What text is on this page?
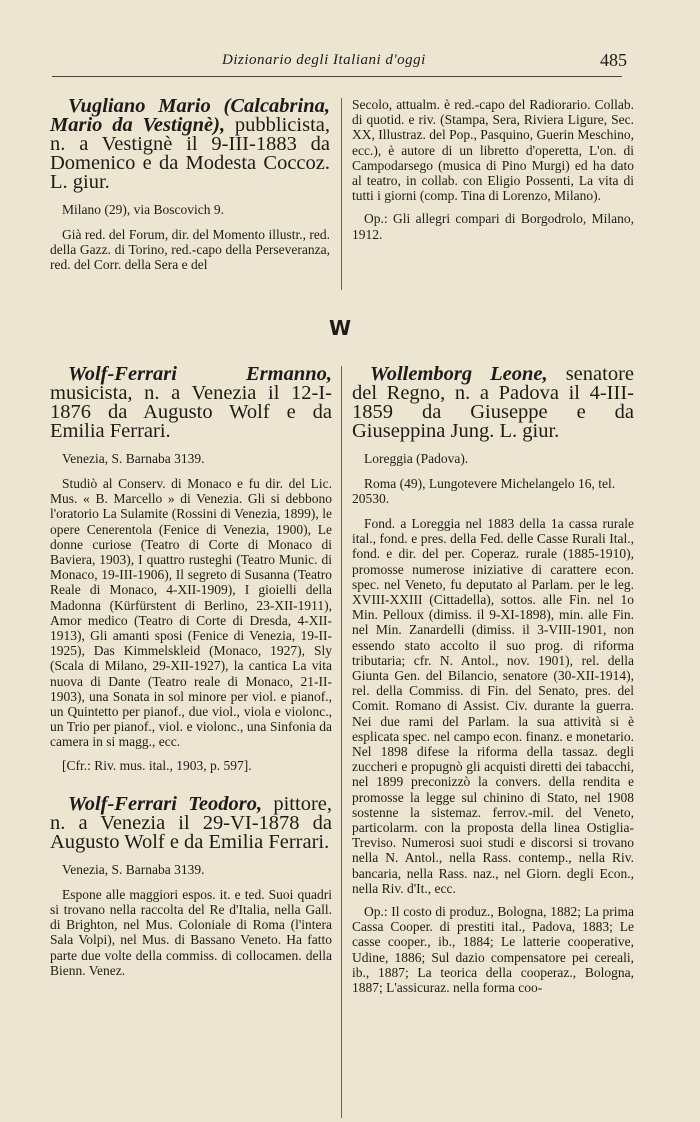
Dizionario degli Italiani d'oggi	485

Vugliano Mario (Calcabrina, Mario da Vestignè), pubblicista, n. a Vestignè il 9-III-1883 da Domenico e da Modesta Coccoz. L. giur.

Milano (29), via Boscovich 9.

Già red. del Forum, dir. del Momento illustr., red. della Gazz. di Torino, red.-capo della Perseveranza, red. del Corr. della Sera e del

Secolo, attualm. è red.-capo del Radiorario. Collab. di quotid. e riv. (Stampa, Sera, Riviera Ligure, Sec. XX, Illustraz. del Pop., Pasquino, Guerin Meschino, ecc.), è autore di un libretto d'operetta, L'on. di Campodarsego (musica di Pino Murgi) ed ha dato al teatro, in collab. con Eligio Possenti, La vita di tutti i giorni (comp. Tina di Lorenzo, Milano).

Op.: Gli allegri compari di Borgodrolo, Milano, 1912.

W

Wolf-Ferrari Ermanno, musicista, n. a Venezia il 12-I-1876 da Augusto Wolf e da Emilia Ferrari.

Venezia, S. Barnaba 3139.

Studiò al Conserv. di Monaco e fu dir. del Lic. Mus. « B. Marcello » di Venezia. Gli si debbono l'oratorio La Sulamite (Rossini di Venezia, 1899), le opere Cenerentola (Fenice di Venezia, 1900), Le donne curiose (Teatro di Corte di Monaco di Baviera, 1903), I quattro rusteghi (Teatro Munic. di Monaco, 19-III-1906), Il segreto di Susanna (Teatro Reale di Monaco, 4-XII-1909), I gioielli della Madonna (Kürfürstent di Berlino, 23-XII-1911), Amor medico (Teatro di Corte di Dresda, 4-XII-1913), Gli amanti sposi (Fenice di Venezia, 19-II-1925), Das Kimmelskleid (Monaco, 1927), Sly (Scala di Milano, 29-XII-1927), la cantica La vita nuova di Dante (Teatro reale di Monaco, 21-II-1903), una Sonata in sol minore per viol. e pianof., un Quintetto per pianof., due viol., viola e violonc., un Trio per pianof., viol. e violonc., una Sinfonia da camera in si magg., ecc.

[Cfr.: Riv. mus. ital., 1903, p. 597].

Wolf-Ferrari Teodoro, pittore, n. a Venezia il 29-VI-1878 da Augusto Wolf e da Emilia Ferrari.

Venezia, S. Barnaba 3139.

Espone alle maggiori espos. it. e ted. Suoi quadri si trovano nella raccolta del Re d'Italia, nella Gall. di Brighton, nel Mus. Coloniale di Roma (l'intera Sala Volpi), nel Mus. di Bassano Veneto. Ha fatto parte due volte della commiss. di collocamen. della Bienn. Venez.

Wollemborg Leone, senatore del Regno, n. a Padova il 4-III-1859 da Giuseppe e da Giuseppina Jung. L. giur.

Loreggia (Padova).

Roma (49), Lungotevere Michelangelo 16, tel. 20530.

Fond. a Loreggia nel 1883 della 1a cassa rurale ital., fond. e pres. della Fed. delle Casse Rurali Ital., fond. e dir. del per. Coperaz. rurale (1885-1910), promosse numerose iniziative di carattere econ. spec. nel Veneto, fu deputato al Parlam. per le leg. XVIII-XXIII (Cittadella), sottos. alle Fin. nel 1o Min. Pelloux (dimiss. il 9-XI-1898), min. alle Fin. nel Min. Zanardelli (dimiss. il 3-VIII-1901, non essendo stato accolto il suo prog. di riforma tributaria; cfr. N. Antol., nov. 1901), rel. della Giunta Gen. del Bilancio, senatore (30-XII-1914), rel. della Commiss. di Fin. del Senato, pres. del Comit. Romano di Assist. Civ. durante la guerra. Nei due rami del Parlam. la sua attività si è esplicata spec. nel campo econ. finanz. e monetario. Nel 1898 difese la riforma della tassaz. degli zuccheri e propugnò gli acquisti diretti dei tabacchi, nel 1899 preconizzò la convers. della rendita e promosse la legge sul chinino di Stato, nel 1908 sostenne la sistemaz. ferrov.-mil. del Veneto, particolarm. con la proposta della linea Ostiglia-Treviso. Numerosi suoi studi e discorsi si trovano nella N. Antol., nella Rass. contemp., nella Riv. bancaria, nella Rass. naz., nel Giorn. degli Econ., nella Riv. d'It., ecc.

Op.: Il costo di produz., Bologna, 1882; La prima Cassa Cooper. di prestiti ital., Padova, 1883; Le casse cooper., ib., 1884; Le latterie cooperative, Udine, 1886; Sul dazio compensatore pei cereali, ib., 1887; La teorica della cooperaz., Bologna, 1887; L'assicuraz. nella forma coo-
